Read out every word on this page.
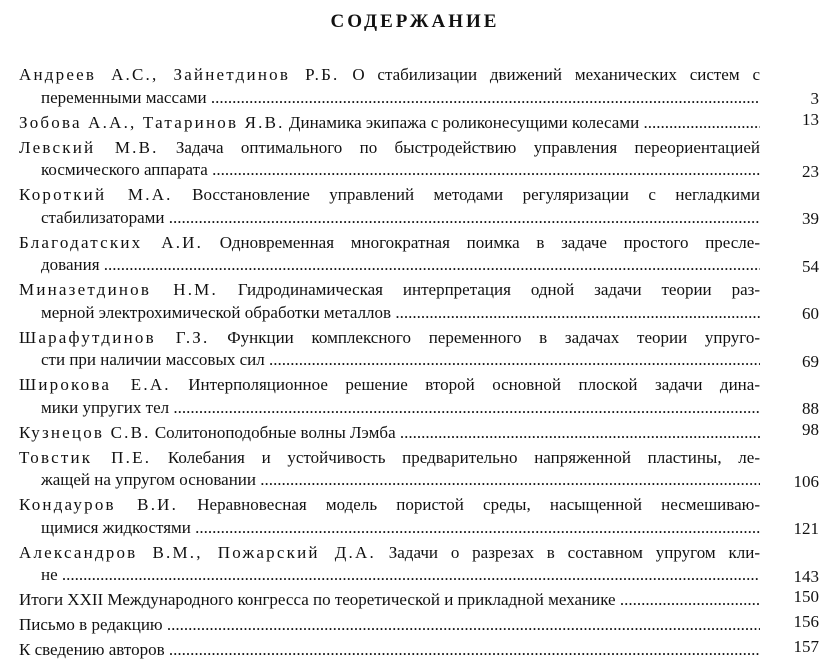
СОДЕРЖАНИЕ
Андреев А.С., Зайнетдинов Р.Б. О стабилизации движений механических систем с
переменными массами .....	3
Зобова А.А., Татаринов Я.В. Динамика экипажа с роликонесущими колесами .....	13
Левский М.В. Задача оптимального по быстродействию управления переориентацией
космического аппарата .....	23
Короткий М.А. Восстановление управлений методами регуляризации с негладкими
стабилизаторами .....	39
Благодатских А.И. Одновременная многократная поимка в задаче простого пресле-
дования .....	54
Миназетдинов Н.М. Гидродинамическая интерпретация одной задачи теории раз-
мерной электрохимической обработки металлов .....	60
Шарафутдинов Г.З. Функции комплексного переменного в задачах теории упруго-
сти при наличии массовых сил .....	69
Широкова Е.А. Интерполяционное решение второй основной плоской задачи дина-
мики упругих тел .....	88
Кузнецов С.В. Солитоноподобные волны Лэмба .....	98
Товстик П.Е. Колебания и устойчивость предварительно напряженной пластины, ле-
жащей на упругом основании .....	106
Кондауров В.И. Неравновесная модель пористой среды, насыщенной несмешиваю-
щимися жидкостями .....	121
Александров В.М., Пожарский Д.А. Задачи о разрезах в составном упругом кли-
не .....	143
Итоги XXII Международного конгресса по теоретической и прикладной механике .....	150
Письмо в редакцию .....	156
К сведению авторов .....	157
